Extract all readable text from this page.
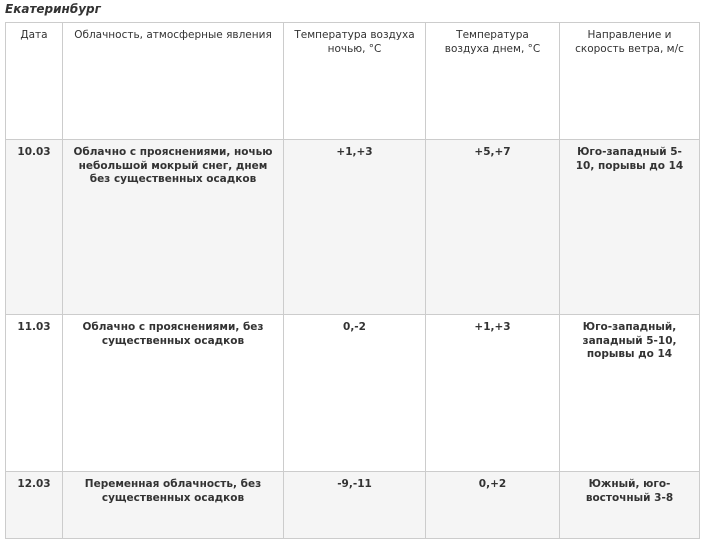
Екатеринбург
Дата	Облачность, атмосферные явления	Температура воздуха ночью, °С	Температура воздуха днем, °С	Направление и скорость ветра, м/с
10.03	Облачно с прояснениями, ночью небольшой мокрый снег, днем без существенных осадков	+1,+3	+5,+7	Юго-западный 5-10, порывы до 14
11.03	Облачно с прояснениями, без существенных осадков	0,-2	+1,+3	Юго-западный, западный 5-10, порывы до 14
12.03	Переменная облачность, без существенных осадков	-9,-11	0,+2	Южный, юго-восточный 3-8
